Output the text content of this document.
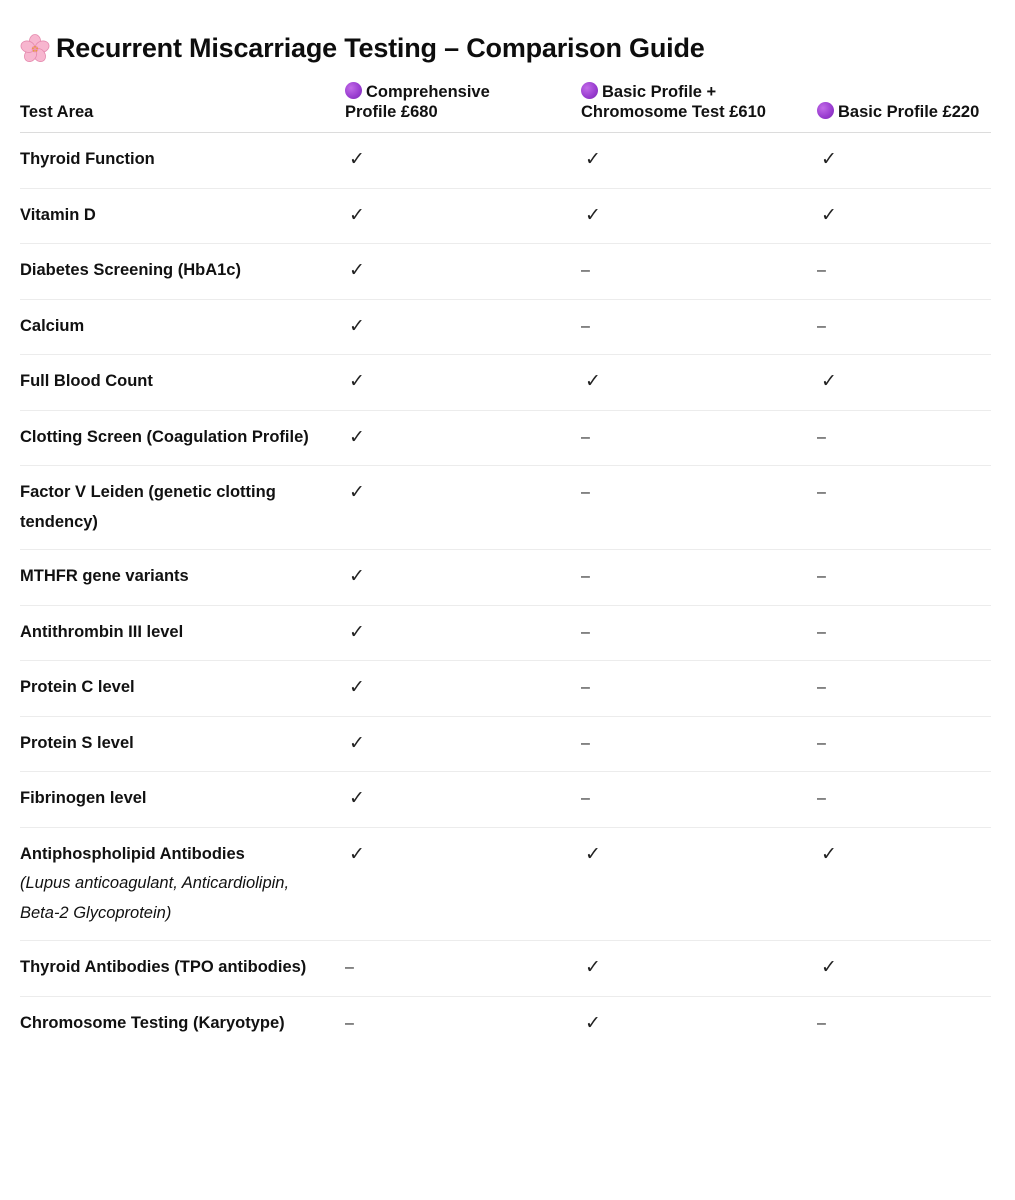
Recurrent Miscarriage Testing – Comparison Guide
Test Area	Comprehensive Profile £680	Basic Profile + Chromosome Test £610	Basic Profile £220
Thyroid Function	✓	✓	✓
Vitamin D	✓	✓	✓
Diabetes Screening (HbA1c)	✓	–	–
Calcium	✓	–	–
Full Blood Count	✓	✓	✓
Clotting Screen (Coagulation Profile)	✓	–	–
Factor V Leiden (genetic clotting tendency)	✓	–	–
MTHFR gene variants	✓	–	–
Antithrombin III level	✓	–	–
Protein C level	✓	–	–
Protein S level	✓	–	–
Fibrinogen level	✓	–	–
Antiphospholipid Antibodies
(Lupus anticoagulant, Anticardiolipin, Beta-2 Glycoprotein)	✓	✓	✓
Thyroid Antibodies (TPO antibodies)	–	✓	✓
Chromosome Testing (Karyotype)	–	✓	–
